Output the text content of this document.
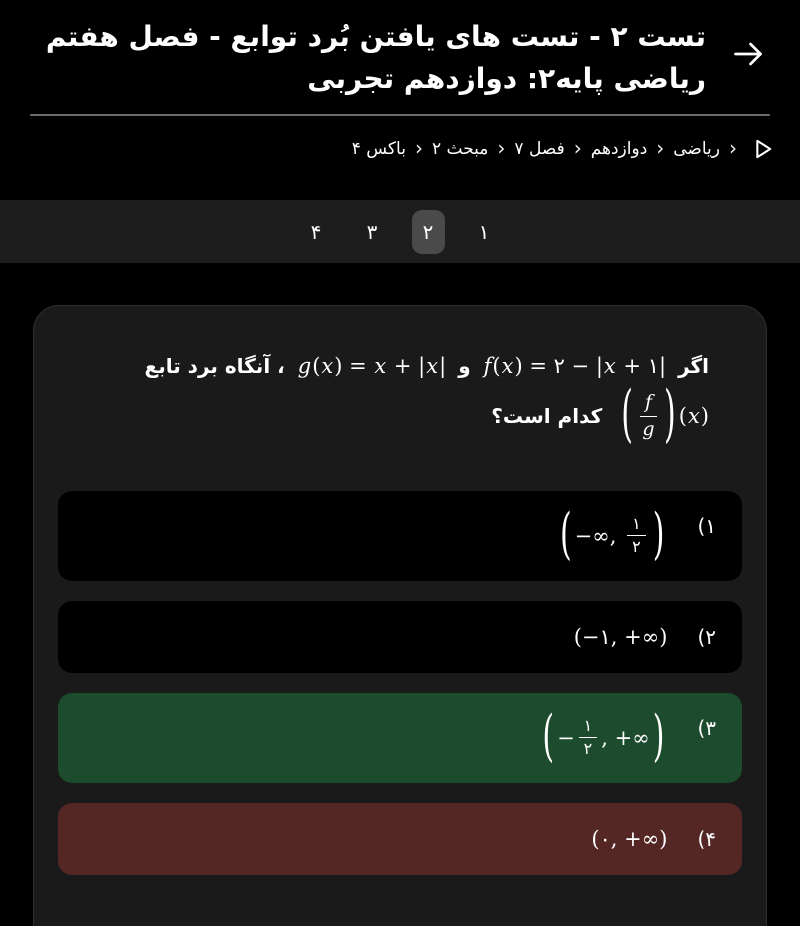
تست ۲ - تست های یافتن بُرد توابع - فصل هفتم
ریاضی پایه۲: دوازدهم تجربی
‹
ریاضی
‹
دوازدهم
‹
فصل ۷
‹
مبحث ۲
‹
باکس ۴
۱
۲
۳
۴
اگر
f ( x ) = ۲ − | x + ۱|
و
g ( x ) = x + | x |
، آنگاه برد تابع
( $\frac{f}{g}$ ) ( x )
کدام است؟
۱)
( −∞, $\frac{۱}{۲}$ )
۲)
(−۱, +∞)
۳)
( − $\frac{۱}{۲}$ , +∞ )
۴)
(۰, +∞)
